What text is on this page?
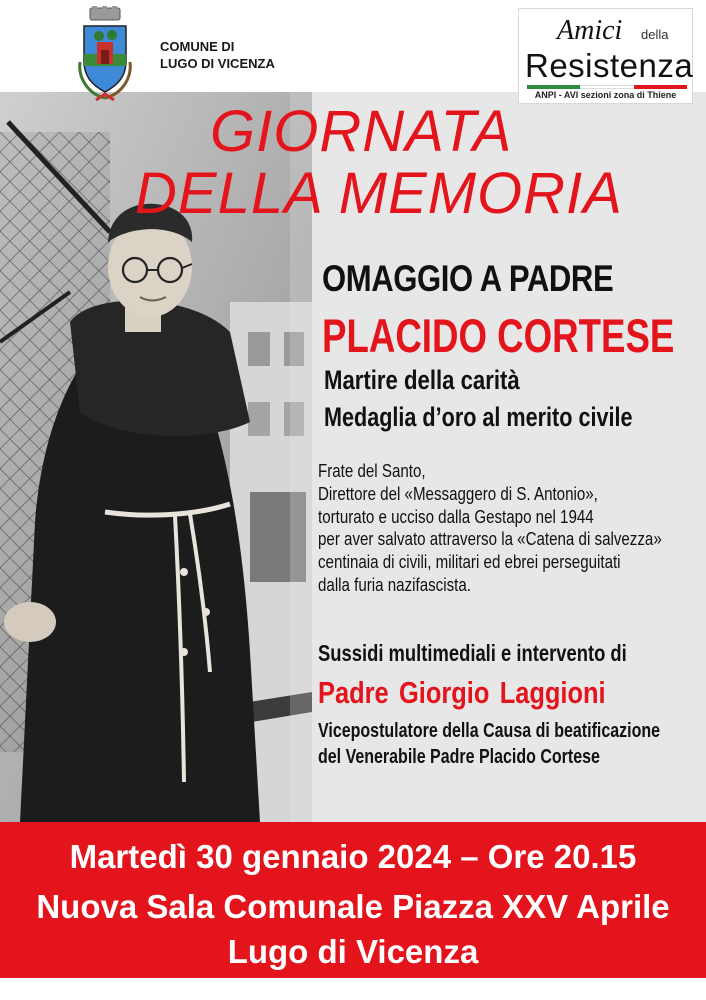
COMUNE DI
LUGO DI VICENZA
Amici della
Resistenza
ANPI - AVI sezioni zona di Thiene
GIORNATA
DELLA MEMORIA
OMAGGIO A PADRE
PLACIDO CORTESE
Martire della carità
Medaglia d’oro al merito civile
Frate del Santo,
Direttore del «Messaggero di S. Antonio»,
torturato e ucciso dalla Gestapo nel 1944
per aver salvato attraverso la «Catena di salvezza»
centinaia di civili, militari ed ebrei perseguitati
dalla furia nazifascista.
Sussidi multimediali e intervento di
Padre Giorgio Laggioni
Vicepostulatore della Causa di beatificazione
del Venerabile Padre Placido Cortese
Martedì 30 gennaio 2024 – Ore 20.15
Nuova Sala Comunale Piazza XXV Aprile
Lugo di Vicenza
